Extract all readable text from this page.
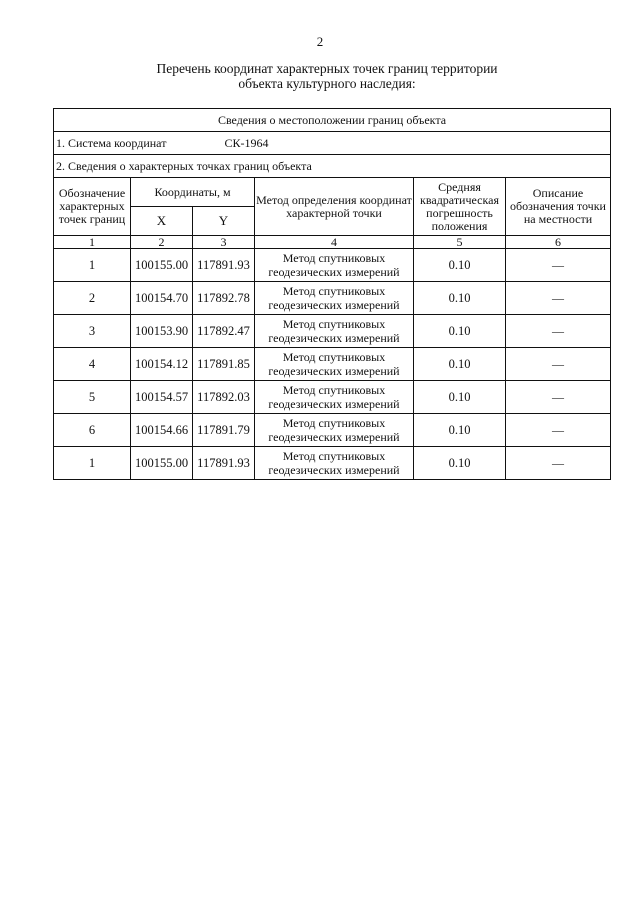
2
Перечень координат характерных точек границ территории
объекта культурного наследия:
Сведения о местоположении границ объекта					
1. Система координат СК-1964					
2. Сведения о характерных точках границ объекта					
Обозначение характерных точек границ	Координаты, м		Метод определения координат характерной точки	Средняя квадратическая погрешность положения	Описание обозначения точки на местности
	X	Y			
1	2	3	4	5	6
1	100155.00	117891.93	Метод спутниковых геодезических измерений	0.10	—
2	100154.70	117892.78	Метод спутниковых геодезических измерений	0.10	—
3	100153.90	117892.47	Метод спутниковых геодезических измерений	0.10	—
4	100154.12	117891.85	Метод спутниковых геодезических измерений	0.10	—
5	100154.57	117892.03	Метод спутниковых геодезических измерений	0.10	—
6	100154.66	117891.79	Метод спутниковых геодезических измерений	0.10	—
1	100155.00	117891.93	Метод спутниковых геодезических измерений	0.10	—
